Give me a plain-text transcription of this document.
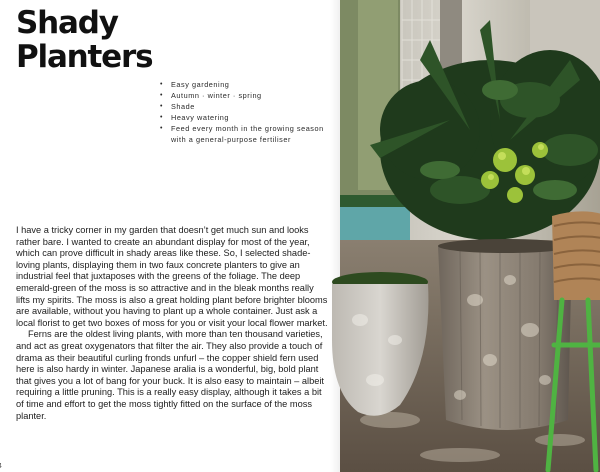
Shady
Planters
• Easy gardening
• Autumn · winter · spring
• Shade
• Heavy watering
• Feed every month in the growing season with a general-purpose fertiliser

I have a tricky corner in my garden that doesn’t get much sun and looks rather bare. I wanted to create an abundant display for most of the year, which can prove difficult in shady areas like these. So, I selected shade-loving plants, displaying them in two faux concrete planters to give an industrial feel that juxtaposes with the greens of the foliage. The deep emerald-green of the moss is so attractive and in the bleak months really lifts my spirits. The moss is also a great holding plant before brighter blooms are available, without you having to plant up a whole container. Just ask a local florist to get two boxes of moss for you or visit your local flower market.

Ferns are the oldest living plants, with more than ten thousand varieties, and act as great oxygenators that filter the air. They also provide a touch of drama as their beautiful curling fronds unfurl – the copper shield fern used here is also hardy in winter. Japanese aralia is a wonderful, big, bold plant that gives you a lot of bang for your buck. It is also easy to maintain – albeit requiring a little pruning. This is a really easy display, although it takes a bit of time and effort to get the moss tightly fitted on the surface of the moss planter.
